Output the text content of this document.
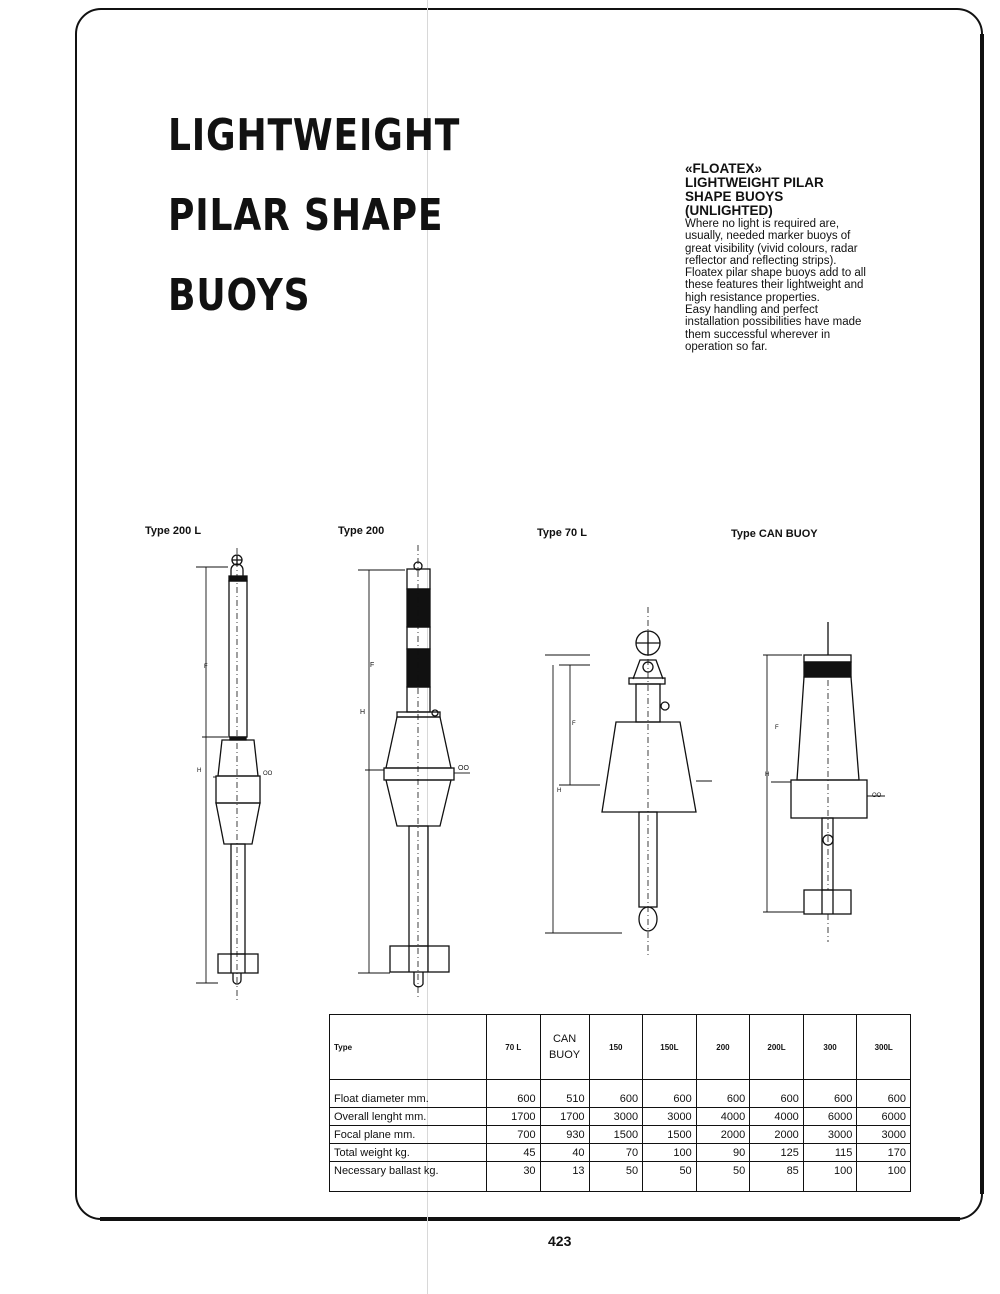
LIGHTWEIGHT
PILAR SHAPE
BUOYS
«FLOATEX»
LIGHTWEIGHT PILAR
SHAPE BUOYS
(UNLIGHTED)
Where no light is required are, usually, needed marker buoys of great visibility (vivid colours, radar reflector and reflecting strips).
Floatex pilar shape buoys add to all these features their lightweight and high resistance properties.
Easy handling and perfect installation possibilities have made them successful wherever in operation so far.
Type 200 L	Type 200	Type 70 L	Type CAN BUOY
F
H	OO
F
H
OO
F
H
F
H
OO
Type	70 L	CAN BUOY	150	150L	200	200L	300	300L
Float diameter mm.	600	510	600	600	600	600	600	600
Overall lenght mm.	1700	1700	3000	3000	4000	4000	6000	6000
Focal plane mm.	700	930	1500	1500	2000	2000	3000	3000
Total weight kg.	45	40	70	100	90	125	115	170
Necessary ballast kg.	30	13	50	50	50	85	100	100
423
